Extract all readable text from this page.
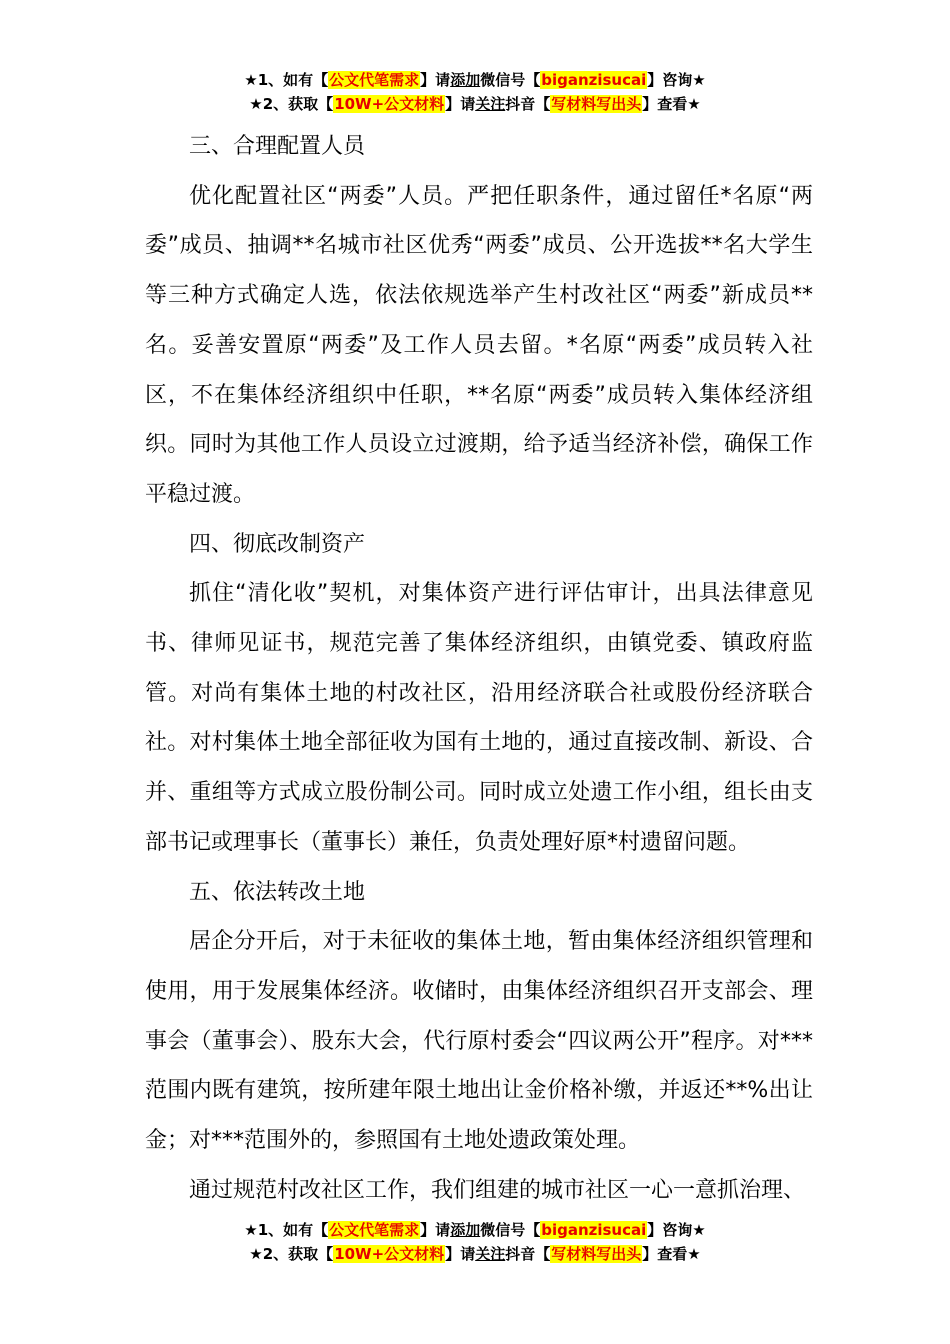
★1、如有【公文代笔需求】请添加微信号【biganzisucai】咨询★
★2、获取【10W+公文材料】请关注抖音【写材料写出头】查看★

三、合理配置人员

优化配置社区“两委”人员。严把任职条件，通过留任*名原“两委”成员、抽调**名城市社区优秀“两委”成员、公开选拔**名大学生等三种方式确定人选，依法依规选举产生村改社区“两委”新成员**名。妥善安置原“两委”及工作人员去留。*名原“两委”成员转入社区，不在集体经济组织中任职，**名原“两委”成员转入集体经济组织。同时为其他工作人员设立过渡期，给予适当经济补偿，确保工作平稳过渡。

四、彻底改制资产

抓住“清化收”契机，对集体资产进行评估审计，出具法律意见书、律师见证书，规范完善了集体经济组织，由镇党委、镇政府监管。对尚有集体土地的村改社区，沿用经济联合社或股份经济联合社。对村集体土地全部征收为国有土地的，通过直接改制、新设、合并、重组等方式成立股份制公司。同时成立处遗工作小组，组长由支部书记或理事长（董事长）兼任，负责处理好原*村遗留问题。

五、依法转改土地

居企分开后，对于未征收的集体土地，暂由集体经济组织管理和使用，用于发展集体经济。收储时，由集体经济组织召开支部会、理事会（董事会）、股东大会，代行原村委会“四议两公开”程序。对***范围内既有建筑，按所建年限土地出让金价格补缴，并返还**%出让金；对***范围外的，参照国有土地处遗政策处理。

通过规范村改社区工作，我们组建的城市社区一心一意抓治理、

★1、如有【公文代笔需求】请添加微信号【biganzisucai】咨询★
★2、获取【10W+公文材料】请关注抖音【写材料写出头】查看★
